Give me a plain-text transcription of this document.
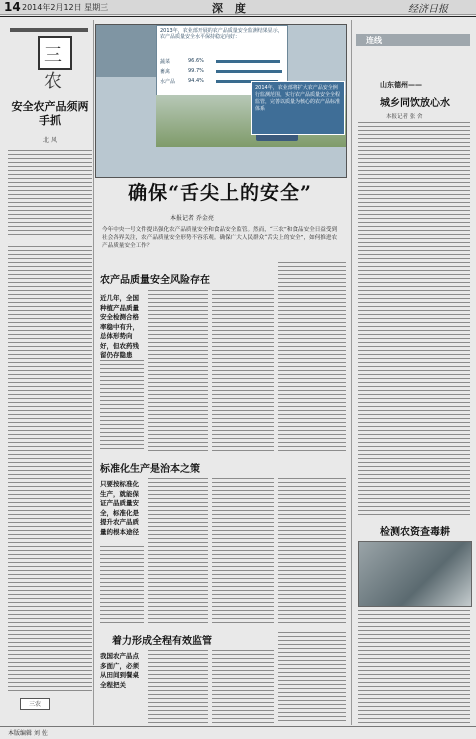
14 2014年2月12日 星期三	深 度	经济日报
三农
安全农产品须两手抓
北 风
三农
2013年，农业部开展的农产品质量安全监测结果显示，农产品质量安全水平保持稳定向好：
蔬菜	96.6%
畜禽	99.7%
水产品	94.4%
2014年，农业部将扩大农产品安全例行监测范围，实行农产品质量安全全程监管，完善以质量为核心的农产品标准体系
确保“舌尖上的安全”
本报记者 乔金亮
今年中央一号文件提出强化农产品质量安全和食品安全监管。然而，“三农”和食品安全日益受到社会各界关注，农产品质量安全形势不容乐观。确保广大人民群众“舌尖上的安全”，如何推进农产品质量安全工作？
农产品质量安全风险存在
近几年，全国种植产品质量安全检测合格率稳中有升，总体形势向好，但农药残留仍存隐患
标准化生产是治本之策
只要按标准化生产，就能保证产品质量安全，标准化是提升农产品质量的根本途径
着力形成全程有效监管
我国农产品点多面广，必须从田间到餐桌全程把关
连线
山东德州——
城乡同饮放心水
本报记者 张 舍
检测农资查毒耕
本版编辑 刘 佐
